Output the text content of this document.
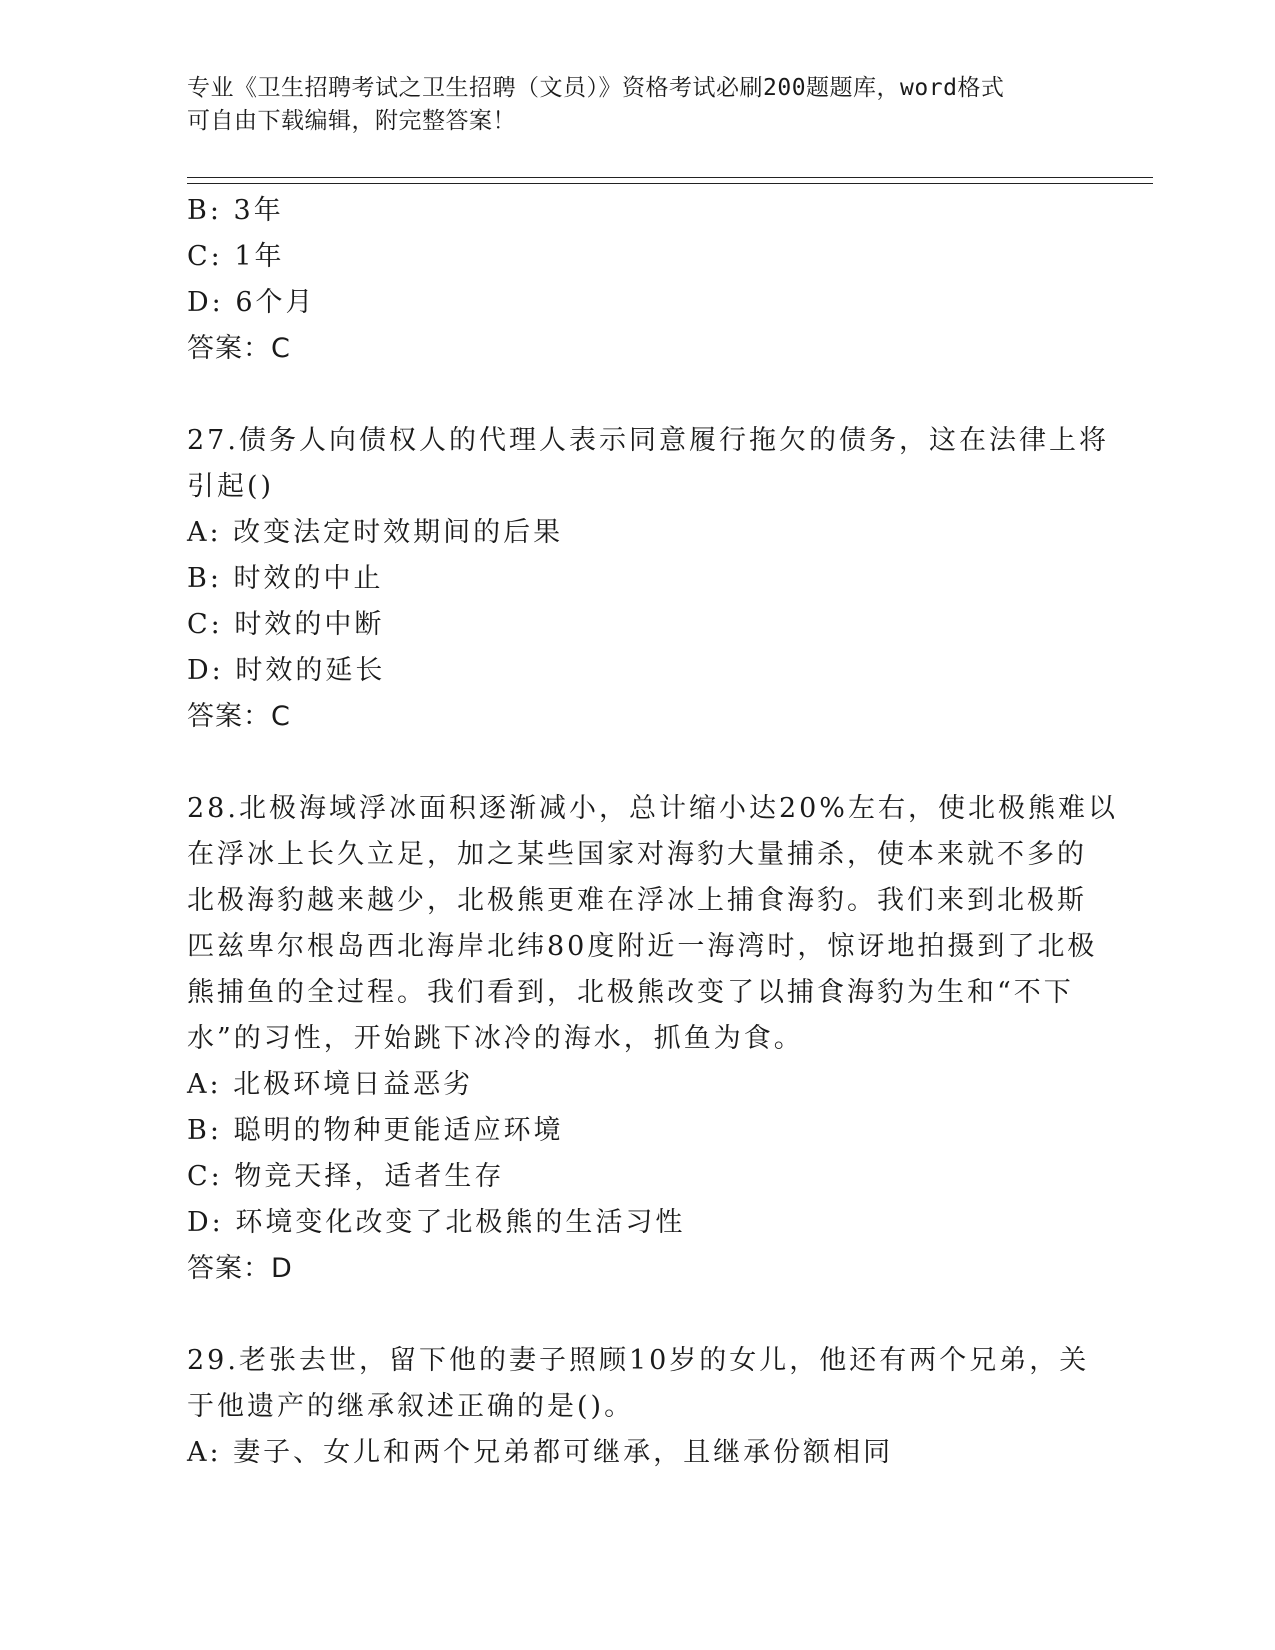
专业《卫生招聘考试之卫生招聘（文员）》资格考试必刷200题题库，word格式
可自由下载编辑，附完整答案！
B: 3年
C: 1年
D: 6个月
答案：C
27.债务人向债权人的代理人表示同意履行拖欠的债务，这在法律上将
引起()
A: 改变法定时效期间的后果
B: 时效的中止
C: 时效的中断
D: 时效的延长
答案：C
28.北极海域浮冰面积逐渐减小，总计缩小达20%左右，使北极熊难以
在浮冰上长久立足，加之某些国家对海豹大量捕杀，使本来就不多的
北极海豹越来越少，北极熊更难在浮冰上捕食海豹。我们来到北极斯
匹兹卑尔根岛西北海岸北纬80度附近一海湾时，惊讶地拍摄到了北极
熊捕鱼的全过程。我们看到，北极熊改变了以捕食海豹为生和“不下
水”的习性，开始跳下冰冷的海水，抓鱼为食。
A: 北极环境日益恶劣
B: 聪明的物种更能适应环境
C: 物竞天择，适者生存
D: 环境变化改变了北极熊的生活习性
答案：D
29.老张去世，留下他的妻子照顾10岁的女儿，他还有两个兄弟，关
于他遗产的继承叙述正确的是()。
A: 妻子、女儿和两个兄弟都可继承，且继承份额相同
